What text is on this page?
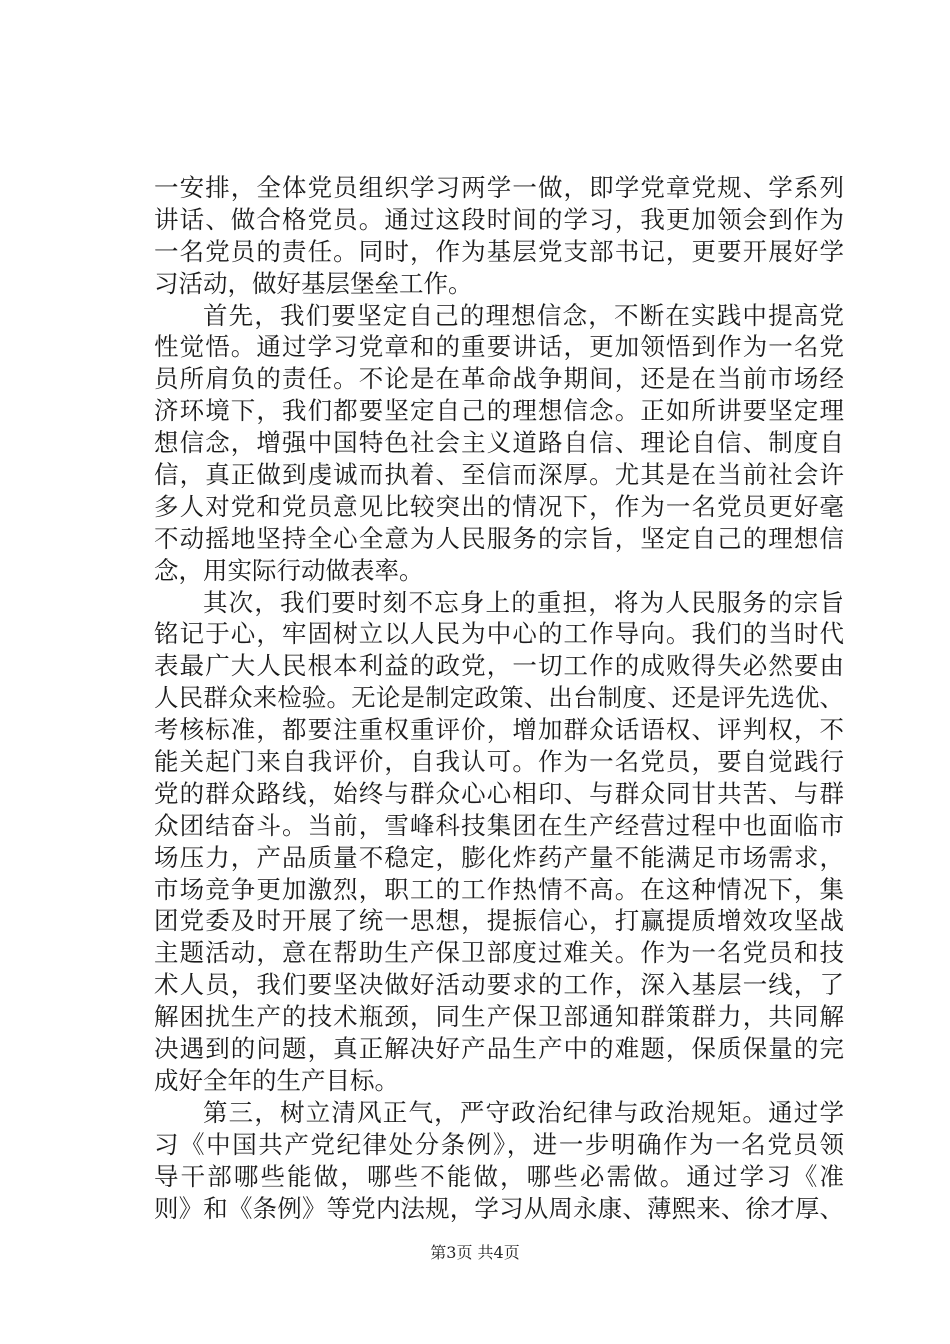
一安排，全体党员组织学习两学一做，即学党章党规、学系列
讲话、做合格党员。通过这段时间的学习，我更加领会到作为
一名党员的责任。同时，作为基层党支部书记，更要开展好学
习活动，做好基层堡垒工作。
首先，我们要坚定自己的理想信念，不断在实践中提高党
性觉悟。通过学习党章和的重要讲话，更加领悟到作为一名党
员所肩负的责任。不论是在革命战争期间，还是在当前市场经
济环境下，我们都要坚定自己的理想信念。正如所讲要坚定理
想信念，增强中国特色社会主义道路自信、理论自信、制度自
信，真正做到虔诚而执着、至信而深厚。尤其是在当前社会许
多人对党和党员意见比较突出的情况下，作为一名党员更好毫
不动摇地坚持全心全意为人民服务的宗旨，坚定自己的理想信
念，用实际行动做表率。
其次，我们要时刻不忘身上的重担，将为人民服务的宗旨
铭记于心，牢固树立以人民为中心的工作导向。我们的当时代
表最广大人民根本利益的政党，一切工作的成败得失必然要由
人民群众来检验。无论是制定政策、出台制度、还是评先选优、
考核标准，都要注重权重评价，增加群众话语权、评判权，不
能关起门来自我评价，自我认可。作为一名党员，要自觉践行
党的群众路线，始终与群众心心相印、与群众同甘共苦、与群
众团结奋斗。当前，雪峰科技集团在生产经营过程中也面临市
场压力，产品质量不稳定，膨化炸药产量不能满足市场需求，
市场竞争更加激烈，职工的工作热情不高。在这种情况下，集
团党委及时开展了统一思想，提振信心，打赢提质增效攻坚战
主题活动，意在帮助生产保卫部度过难关。作为一名党员和技
术人员，我们要坚决做好活动要求的工作，深入基层一线，了
解困扰生产的技术瓶颈，同生产保卫部通知群策群力，共同解
决遇到的问题，真正解决好产品生产中的难题，保质保量的完
成好全年的生产目标。
第三，树立清风正气，严守政治纪律与政治规矩。通过学
习《中国共产党纪律处分条例》，进一步明确作为一名党员领
导干部哪些能做，哪些不能做，哪些必需做。通过学习《准
则》和《条例》等党内法规，学习从周永康、薄熙来、徐才厚、
第3页 共4页
